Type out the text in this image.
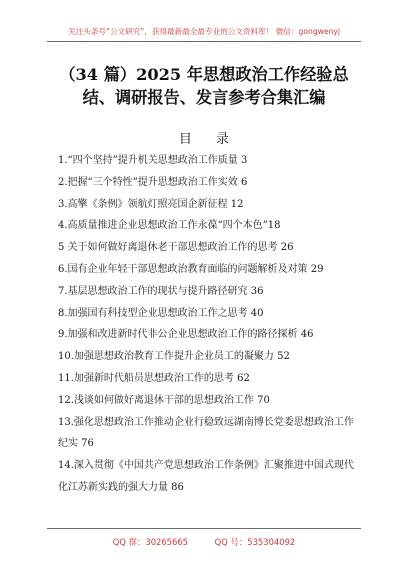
关注头条号“公文研究”，获得最新最全最专业的公文资料库！ 微信：gongwenyj
（34 篇）2025 年思想政治工作经验总结、调研报告、发言参考合集汇编
目 录
1.“四个坚持”提升机关思想政治工作质量 3
2.把握“三个特性”提升思想政治工作实效 6
3.高擎《条例》领航灯照亮国企新征程 12
4.高质量推进企业思想政治工作永葆“四个本色”18
5 关于如何做好离退休老干部思想政治工作的思考 26
6.国有企业年轻干部思想政治教育面临的问题解析及对策 29
7.基层思想政治工作的现状与提升路径研究 36
8.加强国有科技型企业思想政治工作之思考 40
9.加强和改进新时代非公企业思想政治工作的路径探析 46
10.加强思想政治教育工作提升企业员工的凝聚力 52
11.加强新时代船员思想政治工作的思考 62
12.浅谈如何做好离退休干部的思想政治工作 70
13.强化思想政治工作推动企业行稳致远湖南博长党委思想政治工作纪实 76
14.深入贯彻《中国共产党思想政治工作条例》汇聚推进中国式现代化江苏新实践的强大力量 86
QQ 群：30265665	QQ 号：535304092
